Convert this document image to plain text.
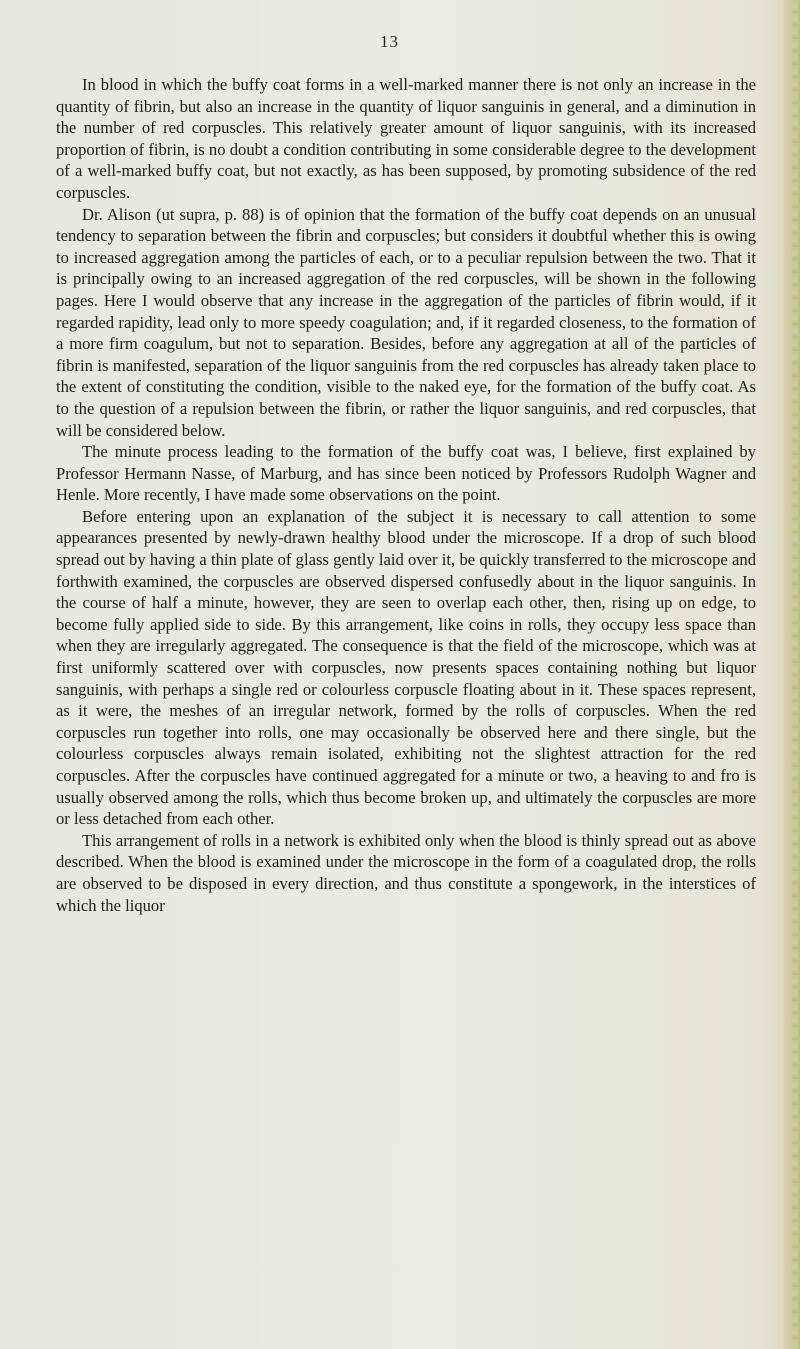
13

In blood in which the buffy coat forms in a well-marked manner there is not only an increase in the quantity of fibrin, but also an increase in the quantity of liquor sanguinis in general, and a diminution in the number of red corpuscles. This relatively greater amount of liquor sanguinis, with its increased proportion of fibrin, is no doubt a condition contributing in some considerable degree to the development of a well-marked buffy coat, but not exactly, as has been supposed, by promoting subsidence of the red corpuscles.

Dr. Alison (ut supra, p. 88) is of opinion that the formation of the buffy coat depends on an unusual tendency to separation between the fibrin and corpuscles; but considers it doubtful whether this is owing to increased aggregation among the particles of each, or to a peculiar repulsion between the two. That it is principally owing to an increased aggregation of the red corpuscles, will be shown in the following pages. Here I would observe that any increase in the aggregation of the particles of fibrin would, if it regarded rapidity, lead only to more speedy coagulation; and, if it regarded closeness, to the formation of a more firm coagulum, but not to separation. Besides, before any aggregation at all of the particles of fibrin is manifested, separation of the liquor sanguinis from the red corpuscles has already taken place to the extent of constituting the condition, visible to the naked eye, for the formation of the buffy coat. As to the question of a repulsion between the fibrin, or rather the liquor sanguinis, and red corpuscles, that will be considered below.

The minute process leading to the formation of the buffy coat was, I believe, first explained by Professor Hermann Nasse, of Marburg, and has since been noticed by Professors Rudolph Wagner and Henle. More recently, I have made some observations on the point.

Before entering upon an explanation of the subject it is necessary to call attention to some appearances presented by newly-drawn healthy blood under the microscope. If a drop of such blood spread out by having a thin plate of glass gently laid over it, be quickly transferred to the microscope and forthwith examined, the corpuscles are observed dispersed confusedly about in the liquor sanguinis. In the course of half a minute, however, they are seen to overlap each other, then, rising up on edge, to become fully applied side to side. By this arrangement, like coins in rolls, they occupy less space than when they are irregularly aggregated. The consequence is that the field of the microscope, which was at first uniformly scattered over with corpuscles, now presents spaces containing nothing but liquor sanguinis, with perhaps a single red or colourless corpuscle floating about in it. These spaces represent, as it were, the meshes of an irregular network, formed by the rolls of corpuscles. When the red corpuscles run together into rolls, one may occasionally be observed here and there single, but the colourless corpuscles always remain isolated, exhibiting not the slightest attraction for the red corpuscles. After the corpuscles have continued aggregated for a minute or two, a heaving to and fro is usually observed among the rolls, which thus become broken up, and ultimately the corpuscles are more or less detached from each other.

This arrangement of rolls in a network is exhibited only when the blood is thinly spread out as above described. When the blood is examined under the microscope in the form of a coagulated drop, the rolls are observed to be disposed in every direction, and thus constitute a spongework, in the interstices of which the liquor
